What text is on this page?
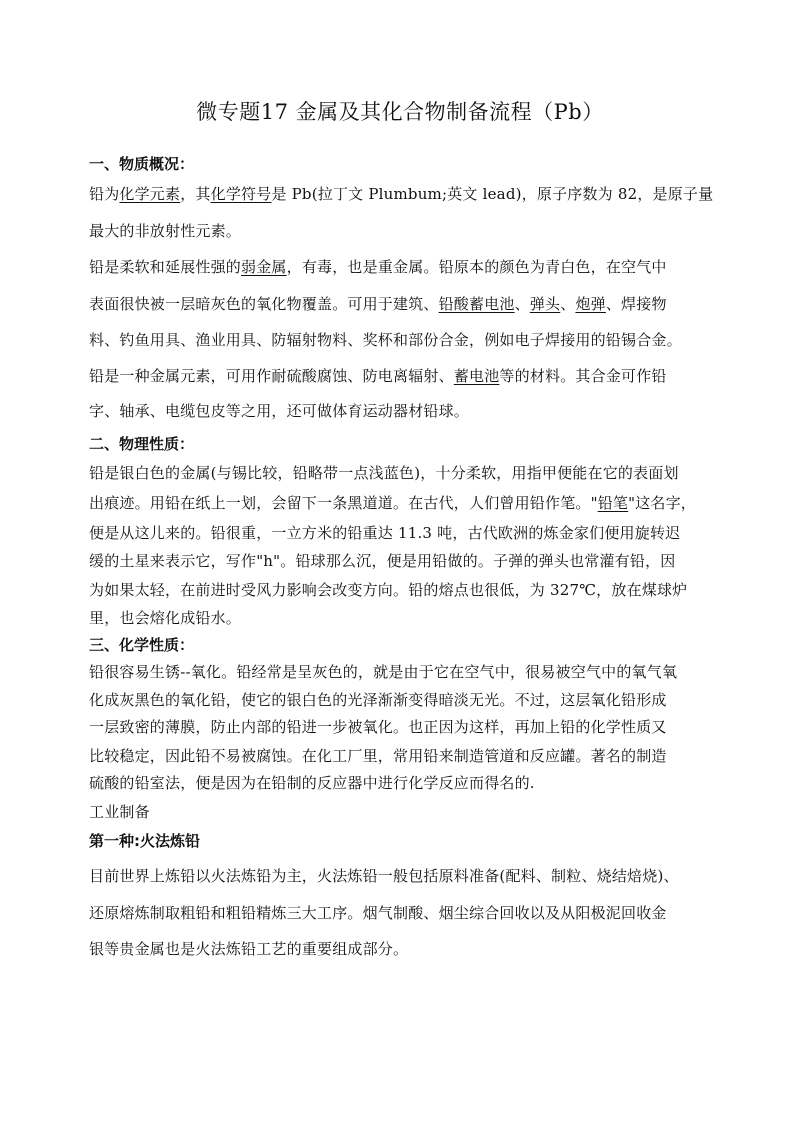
微专题17 金属及其化合物制备流程（Pb）
一、物质概况：
铅为化学元素，其化学符号是 Pb(拉丁文 Plumbum;英文 lead)，原子序数为 82，是原子量
最大的非放射性元素。
铅是柔软和延展性强的弱金属，有毒，也是重金属。铅原本的颜色为青白色，在空气中
表面很快被一层暗灰色的氧化物覆盖。可用于建筑、铅酸蓄电池、弹头、炮弹、焊接物
料、钓鱼用具、渔业用具、防辐射物料、奖杯和部份合金，例如电子焊接用的铅锡合金。
铅是一种金属元素，可用作耐硫酸腐蚀、防电离辐射、蓄电池等的材料。其合金可作铅
字、轴承、电缆包皮等之用，还可做体育运动器材铅球。
二、物理性质：
铅是银白色的金属(与锡比较，铅略带一点浅蓝色)，十分柔软，用指甲便能在它的表面划
出痕迹。用铅在纸上一划，会留下一条黑道道。在古代，人们曾用铅作笔。"铅笔"这名字，
便是从这儿来的。铅很重，一立方米的铅重达 11.3 吨，古代欧洲的炼金家们便用旋转迟
缓的土星来表示它，写作"h"。铅球那么沉，便是用铅做的。子弹的弹头也常灌有铅，因
为如果太轻，在前进时受风力影响会改变方向。铅的熔点也很低，为 327℃，放在煤球炉
里，也会熔化成铅水。
三、化学性质：
铅很容易生锈--氧化。铅经常是呈灰色的，就是由于它在空气中，很易被空气中的氧气氧
化成灰黑色的氧化铅，使它的银白色的光泽渐渐变得暗淡无光。不过，这层氧化铅形成
一层致密的薄膜，防止内部的铅进一步被氧化。也正因为这样，再加上铅的化学性质又
比较稳定，因此铅不易被腐蚀。在化工厂里，常用铅来制造管道和反应罐。著名的制造
硫酸的铅室法，便是因为在铅制的反应器中进行化学反应而得名的.
工业制备
第一种:火法炼铅
目前世界上炼铅以火法炼铅为主，火法炼铅一般包括原料准备(配料、制粒、烧结焙烧)、
还原熔炼制取粗铅和粗铅精炼三大工序。烟气制酸、烟尘综合回收以及从阳极泥回收金
银等贵金属也是火法炼铅工艺的重要组成部分。
